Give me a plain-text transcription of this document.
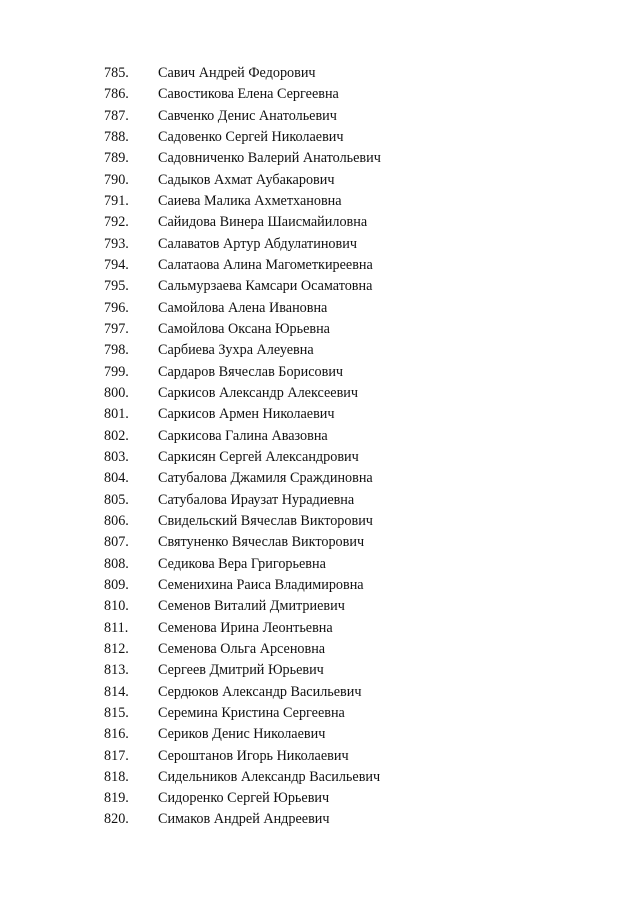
785. Савич Андрей Федорович
786. Савостикова Елена Сергеевна
787. Савченко Денис Анатольевич
788. Садовенко Сергей Николаевич
789. Садовниченко Валерий Анатольевич
790. Садыков Ахмат Аубакарович
791. Саиева Малика Ахметхановна
792. Сайидова Винера Шаисмайиловна
793. Салаватов Артур Абдулатинович
794. Салатаова Алина Магометкиреевна
795. Сальмурзаева Камсари Осаматовна
796. Самойлова Алена Ивановна
797. Самойлова Оксана Юрьевна
798. Сарбиева Зухра Алеуевна
799. Сардаров Вячеслав Борисович
800. Саркисов Александр Алексеевич
801. Саркисов Армен Николаевич
802. Саркисова Галина Авазовна
803. Саркисян Сергей Александрович
804. Сатубалова Джамиля Сраждиновна
805. Сатубалова Ираузат Нурадиевна
806. Свидельский Вячеслав Викторович
807. Святуненко Вячеслав Викторович
808. Седикова Вера Григорьевна
809. Семенихина Раиса Владимировна
810. Семенов Виталий Дмитриевич
811. Семенова Ирина Леонтьевна
812. Семенова Ольга Арсеновна
813. Сергеев Дмитрий Юрьевич
814. Сердюков Александр Васильевич
815. Серемина Кристина Сергеевна
816. Сериков Денис Николаевич
817. Сероштанов Игорь Николаевич
818. Сидельников Александр Васильевич
819. Сидоренко Сергей Юрьевич
820. Симаков Андрей Андреевич
